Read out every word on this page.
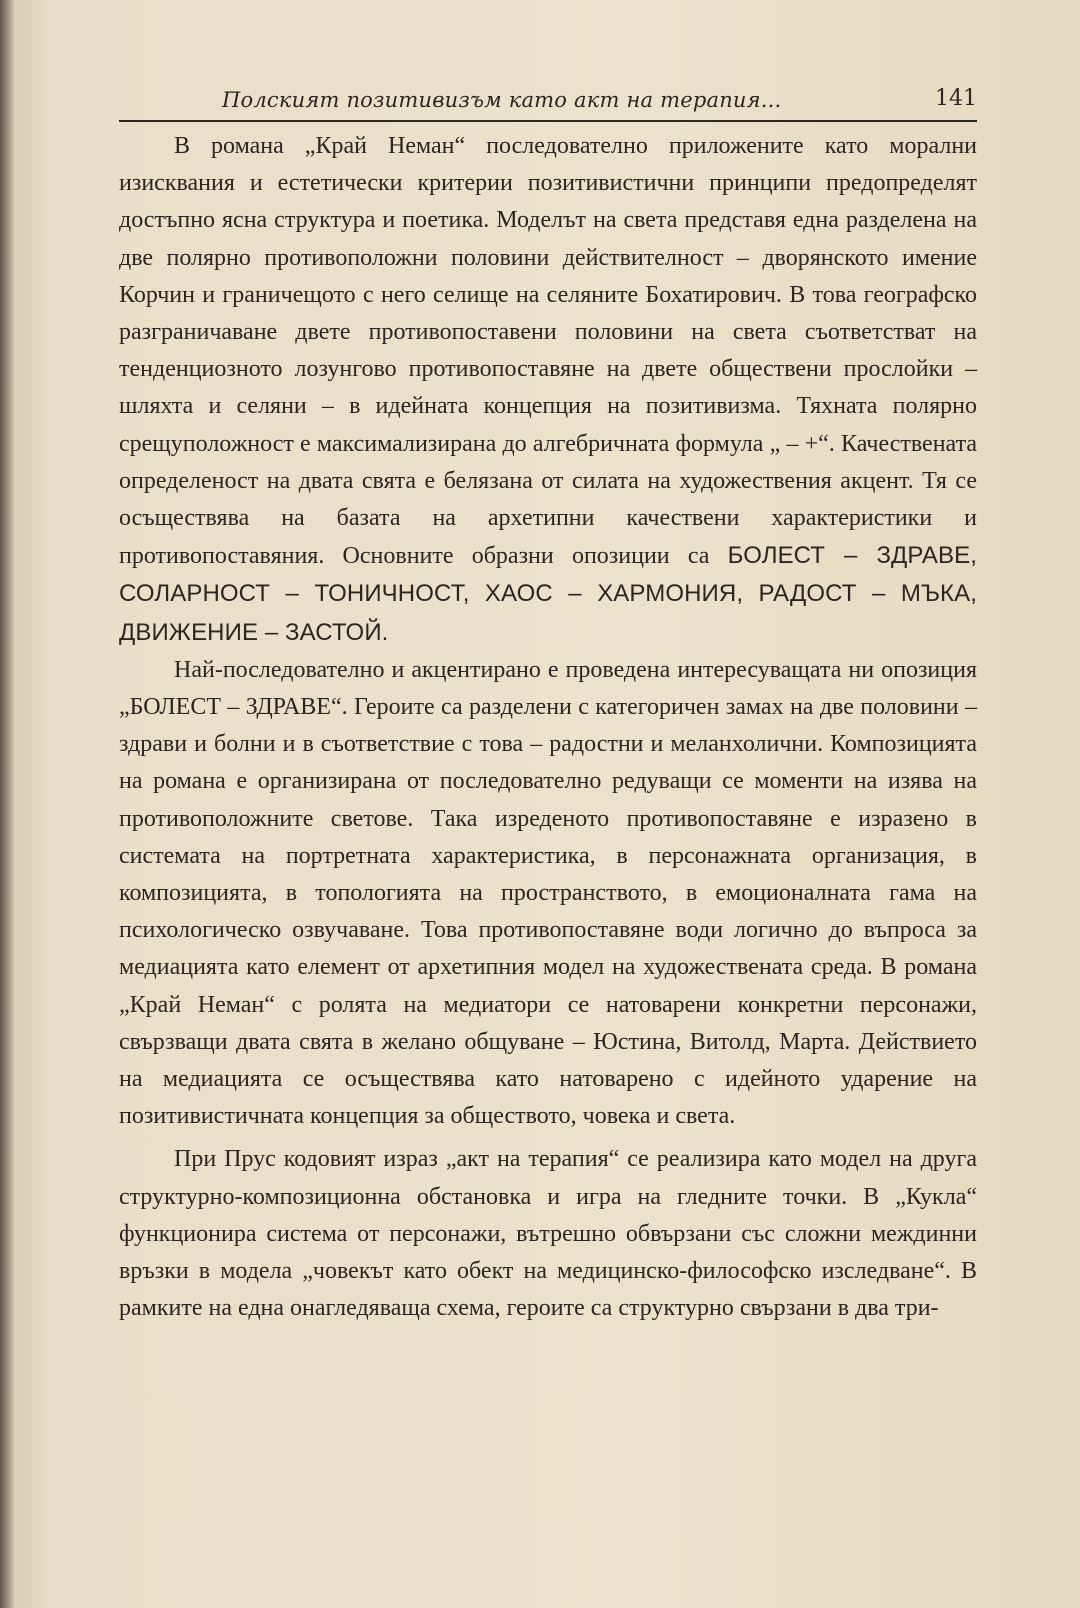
Полският позитивизъм като акт на терапия...	141

В романа „Край Неман“ последователно приложените като морални изисквания и естетически критерии позитивистични принципи предопределят достъпно ясна структура и поетика. Моделът на света представя една разделена на две полярно противоположни половини действителност – дворянското имение Корчин и граничещото с него селище на селяните Бохатирович. В това географско разграничаване двете противопоставени половини на света съответстват на тенденциозното лозунгово противопоставяне на двете обществени прослойки – шляхта и селяни – в идейната концепция на позитивизма. Тяхната полярно срещуположност е максимализирана до алгебричната формула „ – +“. Качествената определеност на двата свята е белязана от силата на художествения акцент. Тя се осъществява на базата на архетипни качествени характеристики и противопоставяния. Основните образни опозиции са БОЛЕСТ – ЗДРАВЕ, СОЛАРНОСТ – ТОНИЧНОСТ, ХАОС – ХАРМОНИЯ, РАДОСТ – МЪКА, ДВИЖЕНИЕ – ЗАСТОЙ.

Най-последователно и акцентирано е проведена интересуващата ни опозиция „БОЛЕСТ – ЗДРАВЕ“. Героите са разделени с категоричен замах на две половини – здрави и болни и в съответствие с това – радостни и меланхолични. Композицията на романа е организирана от последователно редуващи се моменти на изява на противоположните светове. Така изреденото противопоставяне е изразено в системата на портретната характеристика, в персонажната организация, в композицията, в топологията на пространството, в емоционалната гама на психологическо озвучаване. Това противопоставяне води логично до въпроса за медиацията като елемент от архетипния модел на художествената среда. В романа „Край Неман“ с ролята на медиатори се натоварени конкретни персонажи, свързващи двата свята в желано общуване – Юстина, Витолд, Марта. Действието на медиацията се осъществява като натоварено с идейното ударение на позитивистичната концепция за обществото, човека и света.

При Прус кодовият израз „акт на терапия“ се реализира като модел на друга структурно-композиционна обстановка и игра на гледните точки. В „Кукла“ функционира система от персонажи, вътрешно обвързани със сложни междинни връзки в модела „човекът като обект на медицинско-философско изследване“. В рамките на една онагледяваща схема, героите са структурно свързани в два три-
